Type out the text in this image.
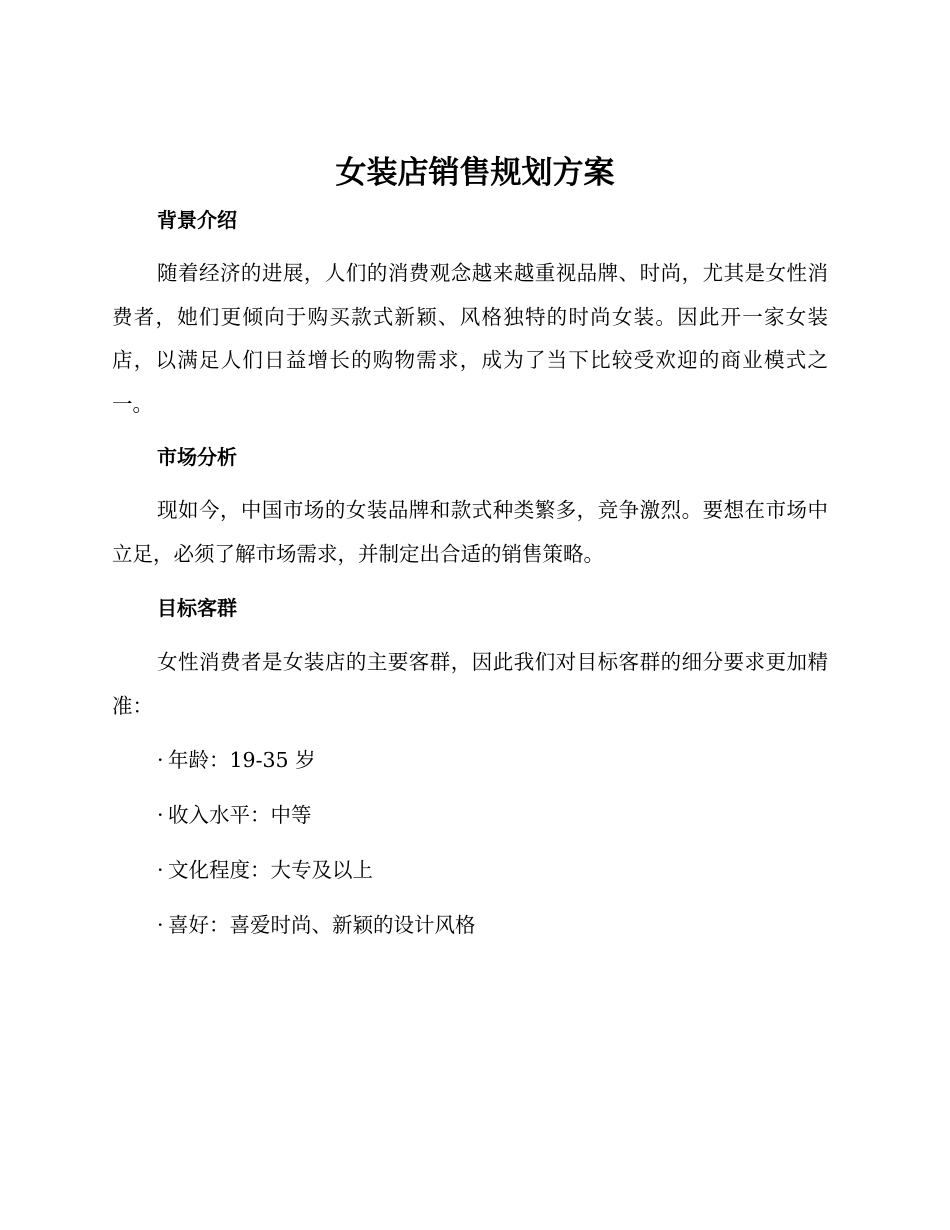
女装店销售规划方案
背景介绍

随着经济的进展，人们的消费观念越来越重视品牌、时尚，尤其是女性消费者，她们更倾向于购买款式新颖、风格独特的时尚女装。因此开一家女装店，以满足人们日益增长的购物需求，成为了当下比较受欢迎的商业模式之一。

市场分析

现如今，中国市场的女装品牌和款式种类繁多，竞争激烈。要想在市场中立足，必须了解市场需求，并制定出合适的销售策略。

目标客群

女性消费者是女装店的主要客群，因此我们对目标客群的细分要求更加精准：

· 年龄：19-35 岁
· 收入水平：中等
· 文化程度：大专及以上
· 喜好：喜爱时尚、新颖的设计风格
